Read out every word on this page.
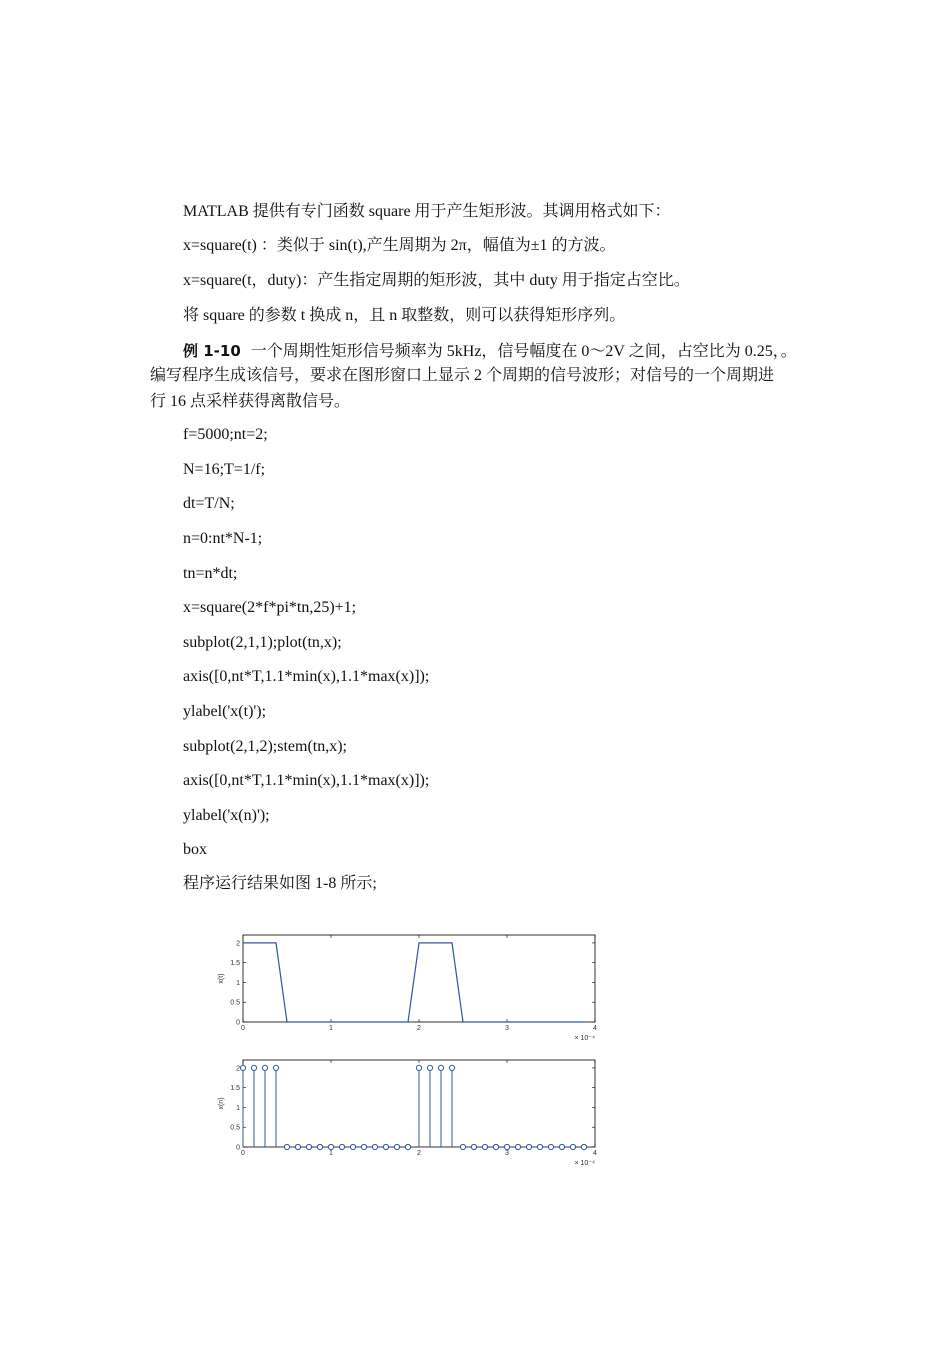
MATLAB 提供有专门函数 square 用于产生矩形波。其调用格式如下：
x=square(t) ：类似于 sin(t),产生周期为 2π，幅值为±1 的方波。
x=square(t，duty)：产生指定周期的矩形波，其中 duty 用于指定占空比。
将 square 的参数 t 换成 n，且 n 取整数，则可以获得矩形序列。
例 1-10 一个周期性矩形信号频率为 5kHz，信号幅度在 0～2V 之间，占空比为 0.25，。
编写程序生成该信号，要求在图形窗口上显示 2 个周期的信号波形；对信号的一个周期进
行 16 点采样获得离散信号。
f=5000;nt=2;
N=16;T=1/f;
dt=T/N;
n=0:nt*N-1;
tn=n*dt;
x=square(2*f*pi*tn,25)+1;
subplot(2,1,1);plot(tn,x);
axis([0,nt*T,1.1*min(x),1.1*max(x)]);
ylabel('x(t)');
subplot(2,1,2);stem(tn,x);
axis([0,nt*T,1.1*min(x),1.1*max(x)]);
ylabel('x(n)');
box
程序运行结果如图 1-8 所示;
0	1	2	3	4
0
0.5
1
1.5
2
× 10⁻⁴
x(t)
0	1	2	3	4
0
0.5
1
1.5
2
× 10⁻⁴
x(n)
